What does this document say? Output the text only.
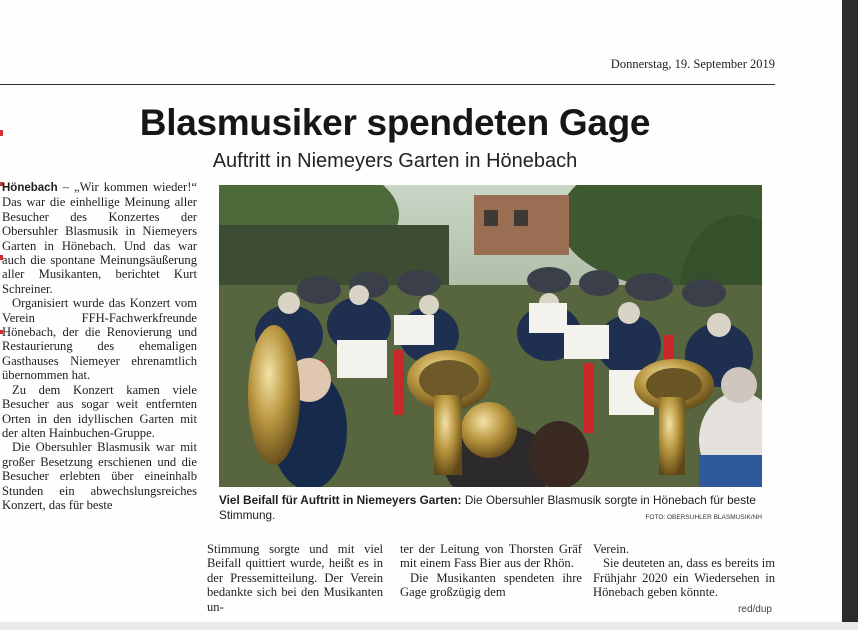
Donnerstag, 19. September 2019
Blasmusiker spendeten Gage
Auftritt in Niemeyers Garten in Hönebach

Hönebach – „Wir kommen wieder!“ Das war die einhellige Meinung aller Besucher des Konzertes der Obersuhler Blasmusik in Niemeyers Garten in Hönebach. Und das war auch die spontane Meinungsäußerung aller Musikanten, berichtet Kurt Schreiner.

Organisiert wurde das Konzert vom Verein FFH-Fachwerkfreunde Hönebach, der die Renovierung und Restaurierung des ehemaligen Gasthauses Niemeyer ehrenamtlich übernommen hat.

Zu dem Konzert kamen viele Besucher aus sogar weit entfernten Orten in den idyllischen Garten mit der alten Hainbuchen-Gruppe.

Die Obersuhler Blasmusik war mit großer Besetzung erschienen und die Besucher erlebten über eineinhalb Stunden ein abwechslungsreiches Konzert, das für beste	Viel Beifall für Auftritt in Niemeyers Garten: Die Obersuhler Blasmusik sorgte in Hönebach für beste Stimmung.	FOTO: OBERSUHLER BLASMUSIK/NH

Stimmung sorgte und mit viel Beifall quittiert wurde, heißt es in der Pressemitteilung. Der Verein bedankte sich bei den Musikanten un-

ter der Leitung von Thorsten Gräf mit einem Fass Bier aus der Rhön.

Die Musikanten spendeten ihre Gage großzügig dem

Verein.

Sie deuteten an, dass es bereits im Frühjahr 2020 ein Wiedersehen in Hönebach geben könnte.

red/dup
